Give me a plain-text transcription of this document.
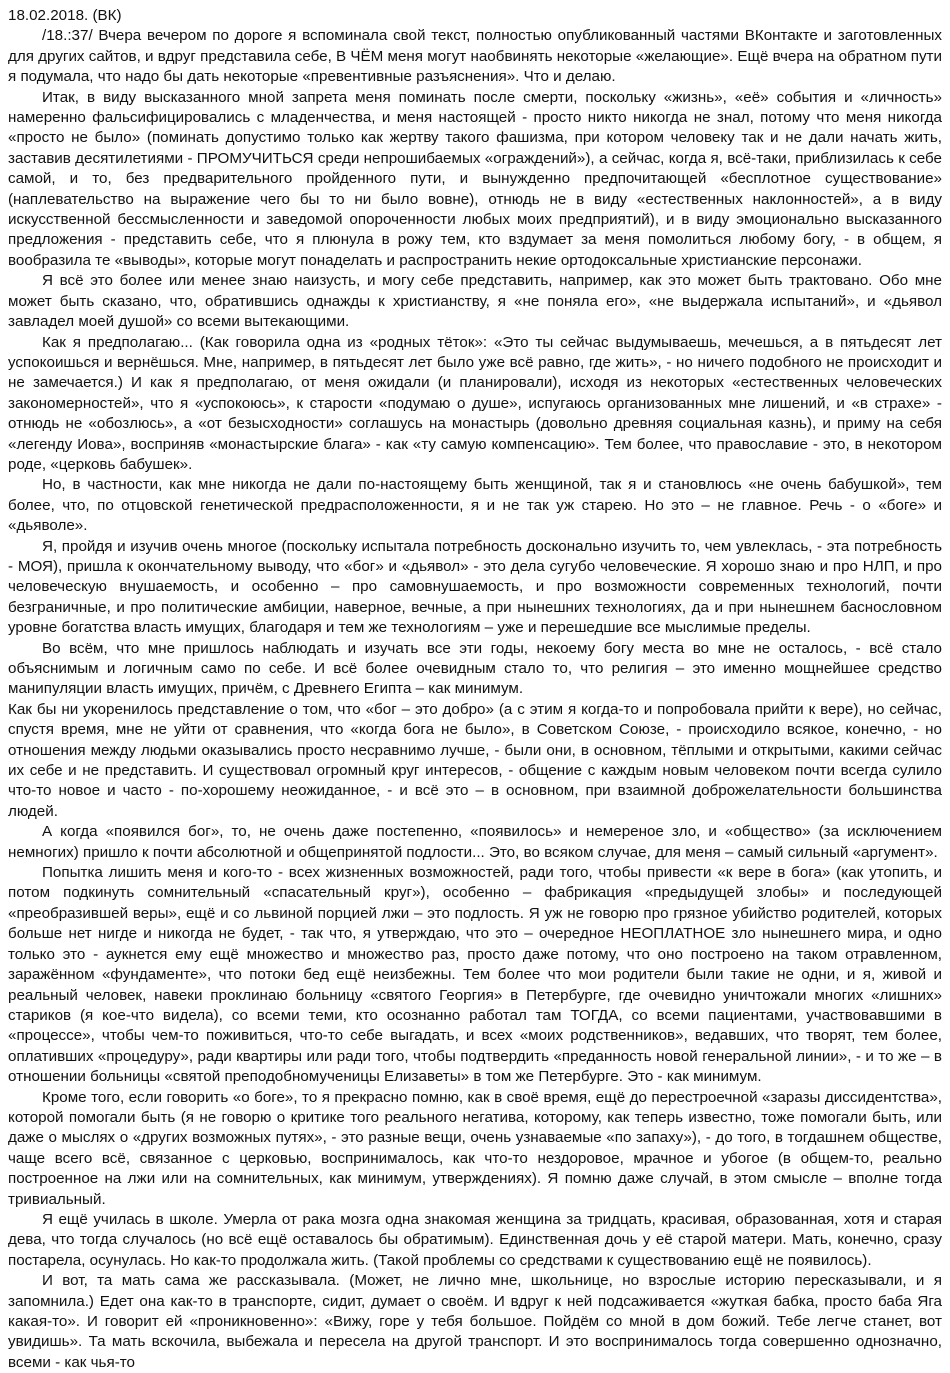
18.02.2018. (ВК)

/18.:37/ Вчера вечером по дороге я вспоминала свой текст, полностью опубликованный частями ВКонтакте и заготовленных для других сайтов, и вдруг представила себе, В ЧЁМ меня могут наобвинять некоторые «желающие». Ещё вчера на обратном пути я подумала, что надо бы дать некоторые «превентивные разъяснения». Что и делаю.

Итак, в виду высказанного мной запрета меня поминать после смерти, поскольку «жизнь», «её» события и «личность» намеренно фальсифицировались с младенчества, и меня настоящей - просто никто никогда не знал, потому что меня никогда «просто не было» (поминать допустимо только как жертву такого фашизма, при котором человеку так и не дали начать жить, заставив десятилетиями - ПРОМУЧИТЬСЯ среди непрошибаемых «ограждений»), а сейчас, когда я, всё-таки, приблизилась к себе самой, и то, без предварительного пройденного пути, и вынужденно предпочитающей «бесплотное существование» (наплевательство на выражение чего бы то ни было вовне), отнюдь не в виду «естественных наклонностей», а в виду искусственной бессмысленности и заведомой опороченности любых моих предприятий), и в виду эмоционально высказанного предложения - представить себе, что я плюнула в рожу тем, кто вздумает за меня помолиться любому богу, - в общем, я вообразила те «выводы», которые могут понаделать и распространить некие ортодоксальные христианские персонажи.

Я всё это более или менее знаю наизусть, и могу себе представить, например, как это может быть трактовано. Обо мне может быть сказано, что, обратившись однажды к христианству, я «не поняла его», «не выдержала испытаний», и «дьявол завладел моей душой» со всеми вытекающими.

Как я предполагаю... (Как говорила одна из «родных тёток»: «Это ты сейчас выдумываешь, мечешься, а в пятьдесят лет успокоишься и вернёшься. Мне, например, в пятьдесят лет было уже всё равно, где жить», - но ничего подобного не происходит и не замечается.) И как я предполагаю, от меня ожидали (и планировали), исходя из некоторых «естественных человеческих закономерностей», что я «успокоюсь», к старости «подумаю о душе», испугаюсь организованных мне лишений, и «в страхе» - отнюдь не «обозлюсь», а «от безысходности» соглашусь на монастырь (довольно древняя социальная казнь), и приму на себя «легенду Иова», восприняв «монастырские блага» - как «ту самую компенсацию». Тем более, что православие - это, в некотором роде, «церковь бабушек».

Но, в частности, как мне никогда не дали по-настоящему быть женщиной, так я и становлюсь «не очень бабушкой», тем более, что, по отцовской генетической предрасположенности, я и не так уж старею. Но это – не главное. Речь - о «боге» и «дьяволе».

Я, пройдя и изучив очень многое (поскольку испытала потребность досконально изучить то, чем увлеклась, - эта потребность - МОЯ), пришла к окончательному выводу, что «бог» и «дьявол» - это дела сугубо человеческие. Я хорошо знаю и про НЛП, и про человеческую внушаемость, и особенно – про самовнушаемость, и про возможности современных технологий, почти безграничные, и про политические амбиции, наверное, вечные, а при нынешних технологиях, да и при нынешнем баснословном уровне богатства власть имущих, благодаря и тем же технологиям – уже и перешедшие все мыслимые пределы.

Во всём, что мне пришлось наблюдать и изучать все эти годы, некоему богу места во мне не осталось, - всё стало объяснимым и логичным само по себе. И всё более очевидным стало то, что религия – это именно мощнейшее средство манипуляции власть имущих, причём, с Древнего Египта – как минимум.

Как бы ни укоренилось представление о том, что «бог – это добро» (а с этим я когда-то и попробовала прийти к вере), но сейчас, спустя время, мне не уйти от сравнения, что «когда бога не было», в Советском Союзе, - происходило всякое, конечно, - но отношения между людьми оказывались просто несравнимо лучше, - были они, в основном, тёплыми и открытыми, какими сейчас их себе и не представить. И существовал огромный круг интересов, - общение с каждым новым человеком почти всегда сулило что-то новое и часто - по-хорошему неожиданное, - и всё это – в основном, при взаимной доброжелательности большинства людей.

А когда «появился бог», то, не очень даже постепенно, «появилось» и немереное зло, и «общество» (за исключением немногих) пришло к почти абсолютной и общепринятой подлости... Это, во всяком случае, для меня – самый сильный «аргумент».

Попытка лишить меня и кого-то - всех жизненных возможностей, ради того, чтобы привести «к вере в бога» (как утопить, и потом подкинуть сомнительный «спасательный круг»), особенно – фабрикация «предыдущей злобы» и последующей «преобразившей веры», ещё и со львиной порцией лжи – это подлость. Я уж не говорю про грязное убийство родителей, которых больше нет нигде и никогда не будет, - так что, я утверждаю, что это – очередное НЕОПЛАТНОЕ зло нынешнего мира, и одно только это - аукнется ему ещё множество и множество раз, просто даже потому, что оно построено на таком отравленном, заражённом «фундаменте», что потоки бед ещё неизбежны. Тем более что мои родители были такие не одни, и я, живой и реальный человек, навеки проклинаю больницу «святого Георгия» в Петербурге, где очевидно уничтожали многих «лишних» стариков (я кое-что видела), со всеми теми, кто осознанно работал там ТОГДА, со всеми пациентами, участвовавшими в «процессе», чтобы чем-то поживиться, что-то себе выгадать, и всех «моих родственников», ведавших, что творят, тем более, оплативших «процедуру», ради квартиры или ради того, чтобы подтвердить «преданность новой генеральной линии», - и то же – в отношении больницы «святой преподобномученицы Елизаветы» в том же Петербурге. Это - как минимум.

Кроме того, если говорить «о боге», то я прекрасно помню, как в своё время, ещё до перестроечной «заразы диссидентства», которой помогали быть (я не говорю о критике того реального негатива, которому, как теперь известно, тоже помогали быть, или даже о мыслях о «других возможных путях», - это разные вещи, очень узнаваемые «по запаху»), - до того, в тогдашнем обществе, чаще всего всё, связанное с церковью, воспринималось, как что-то нездоровое, мрачное и убогое (в общем-то, реально построенное на лжи или на сомнительных, как минимум, утверждениях). Я помню даже случай, в этом смысле – вполне тогда тривиальный.

Я ещё училась в школе. Умерла от рака мозга одна знакомая женщина за тридцать, красивая, образованная, хотя и старая дева, что тогда случалось (но всё ещё оставалось бы обратимым). Единственная дочь у её старой матери. Мать, конечно, сразу постарела, осунулась. Но как-то продолжала жить. (Такой проблемы со средствами к существованию ещё не появилось).

И вот, та мать сама же рассказывала. (Может, не лично мне, школьнице, но взрослые историю пересказывали, и я запомнила.) Едет она как-то в транспорте, сидит, думает о своём. И вдруг к ней подсаживается «жуткая бабка, просто баба Яга какая-то». И говорит ей «проникновенно»: «Вижу, горе у тебя большое. Пойдём со мной в дом божий. Тебе легче станет, вот увидишь». Та мать вскочила, выбежала и пересела на другой транспорт. И это воспринималось тогда совершенно однозначно, всеми - как чья-то
